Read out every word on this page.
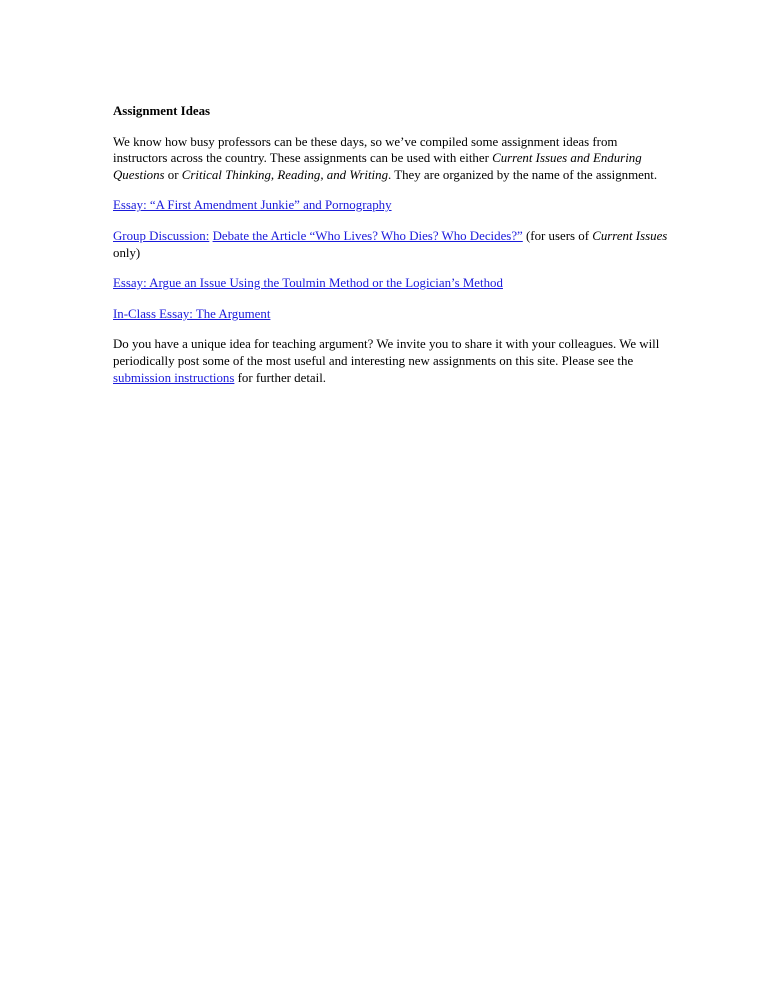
Assignment Ideas

We know how busy professors can be these days, so we’ve compiled some assignment ideas from instructors across the country. These assignments can be used with either Current Issues and Enduring Questions or Critical Thinking, Reading, and Writing. They are organized by the name of the assignment.

Essay: “A First Amendment Junkie” and Pornography

Group Discussion: Debate the Article “Who Lives? Who Dies? Who Decides?” (for users of Current Issues only)

Essay: Argue an Issue Using the Toulmin Method or the Logician’s Method

In-Class Essay: The Argument

Do you have a unique idea for teaching argument? We invite you to share it with your colleagues. We will periodically post some of the most useful and interesting new assignments on this site. Please see the submission instructions for further detail.
